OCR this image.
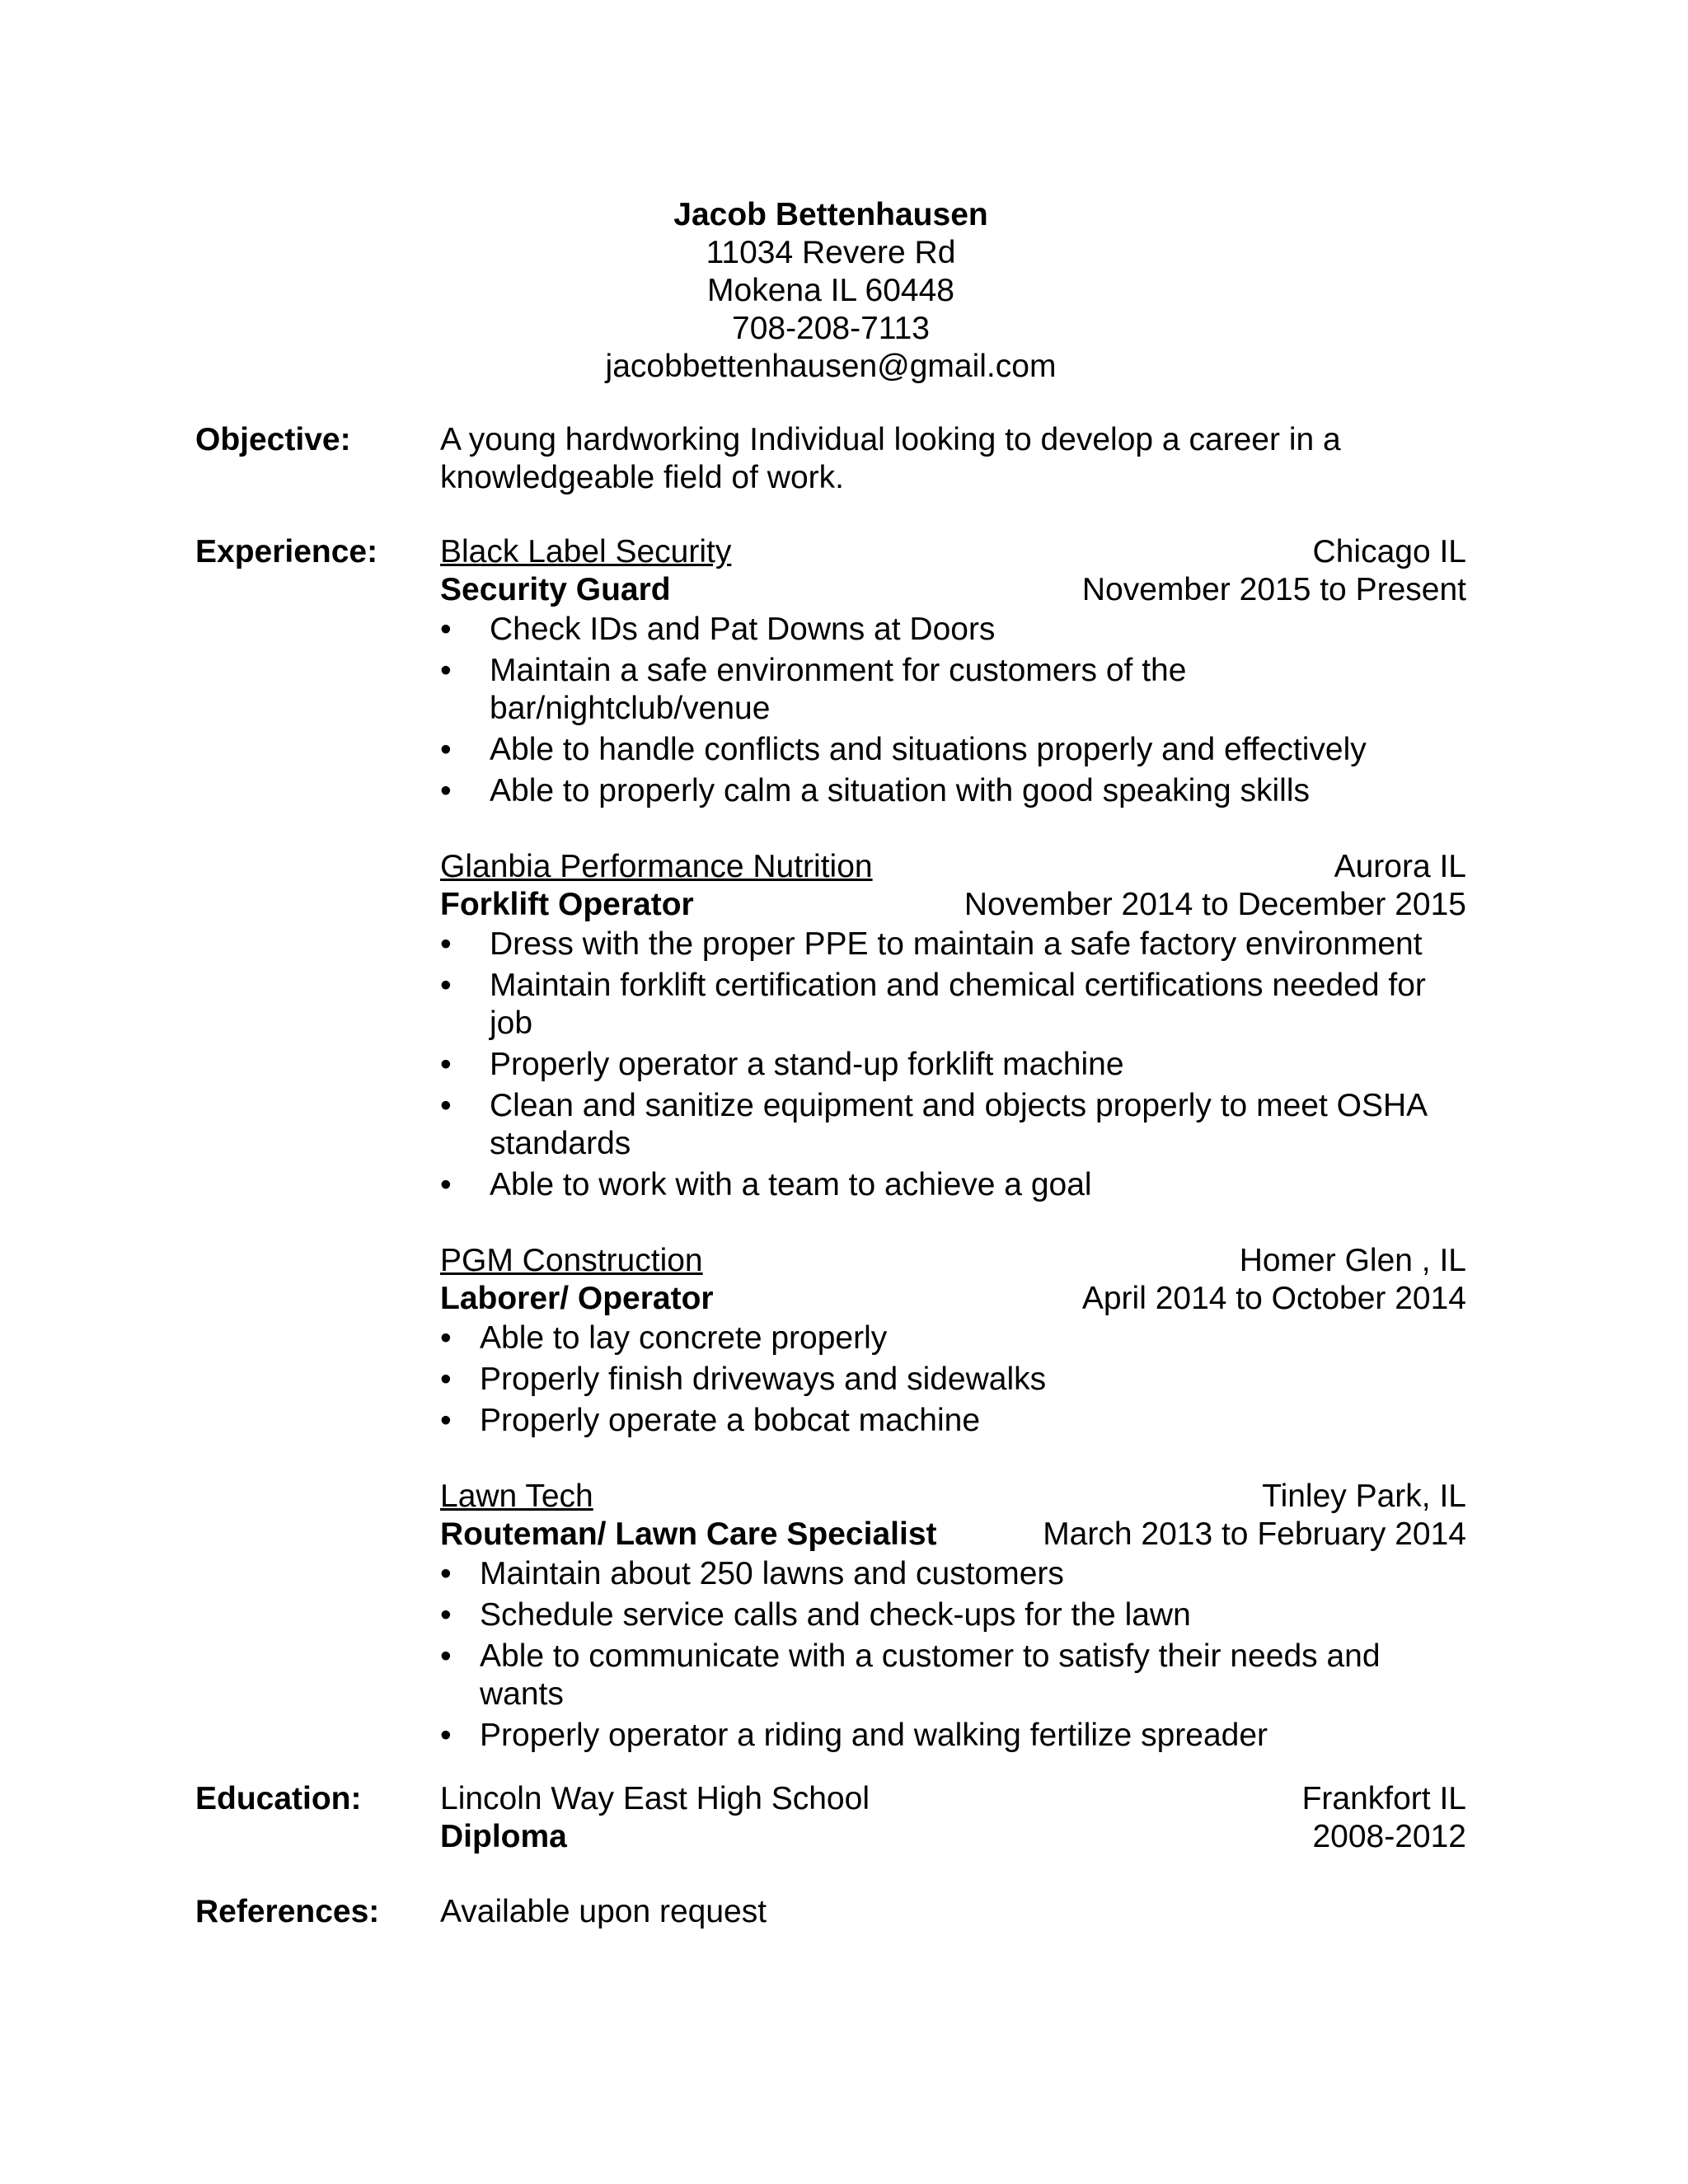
Jacob Bettenhausen
11034 Revere Rd
Mokena IL 60448
708-208-7113
jacobbettenhausen@gmail.com
Objective:	A young hardworking Individual looking to develop a career in a knowledgeable field of work.
Experience:	Black Label Security	Chicago IL
Security Guard	November 2015 to Present
• Check IDs and Pat Downs at Doors
• Maintain a safe environment for customers of the bar/nightclub/venue
• Able to handle conflicts and situations properly and effectively
• Able to properly calm a situation with good speaking skills
Glanbia Performance Nutrition	Aurora IL
Forklift Operator	November 2014 to December 2015
• Dress with the proper PPE to maintain a safe factory environment
• Maintain forklift certification and chemical certifications needed for job
• Properly operator a stand-up forklift machine
• Clean and sanitize equipment and objects properly to meet OSHA standards
• Able to work with a team to achieve a goal
PGM Construction	Homer Glen , IL
Laborer/ Operator	April 2014 to October 2014
• Able to lay concrete properly
• Properly finish driveways and sidewalks
• Properly operate a bobcat machine
Lawn Tech	Tinley Park, IL
Routeman/ Lawn Care Specialist	March 2013 to February 2014
• Maintain about 250 lawns and customers
• Schedule service calls and check-ups for the lawn
• Able to communicate with a customer to satisfy their needs and wants
• Properly operator a riding and walking fertilize spreader
Education:	Lincoln Way East High School	Frankfort IL
Diploma	2008-2012
References:	Available upon request
